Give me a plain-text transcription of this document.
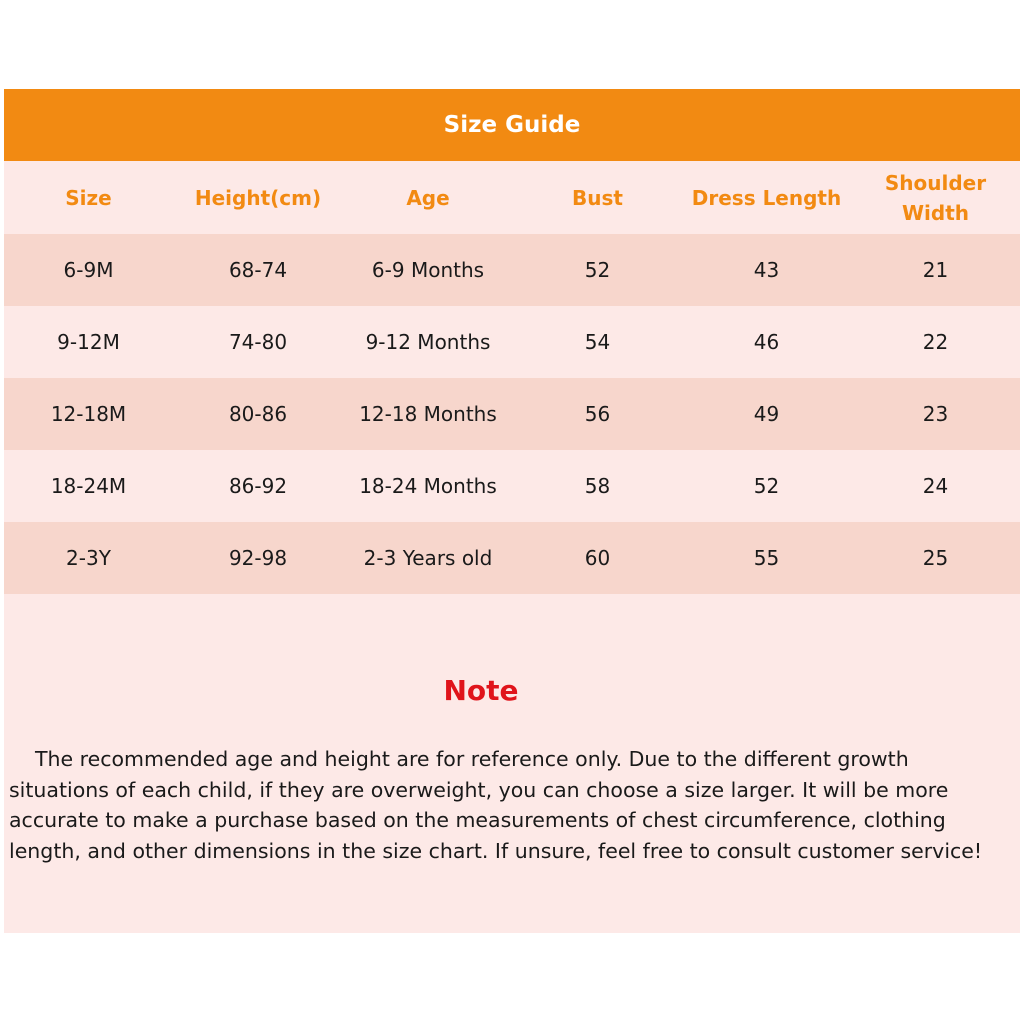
Size Guide
Size	Height(cm)	Age	Bust	Dress Length	Shoulder Width
6-9M	68-74	6-9 Months	52	43	21
9-12M	74-80	9-12 Months	54	46	22
12-18M	80-86	12-18 Months	56	49	23
18-24M	86-92	18-24 Months	58	52	24
2-3Y	92-98	2-3 Years old	60	55	25
Note
The recommended age and height are for reference only. Due to the different growth situations of each child, if they are overweight, you can choose a size larger. It will be more accurate to make a purchase based on the measurements of chest circumference, clothing length, and other dimensions in the size chart. If unsure, feel free to consult customer service!
